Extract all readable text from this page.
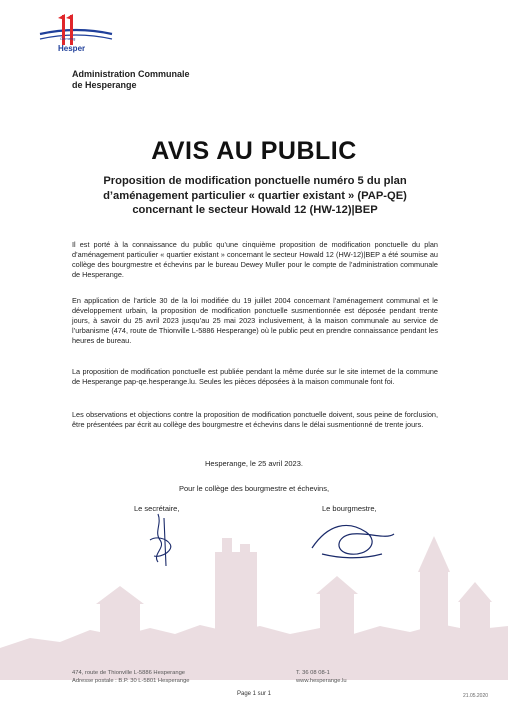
Gemeng
Hesper
Administration Communale
de Hesperange
AVIS AU PUBLIC
Proposition de modification ponctuelle numéro 5 du plan d’aménagement particulier « quartier existant » (PAP-QE) concernant le secteur Howald 12 (HW-12)|BEP

Il est porté à la connaissance du public qu’une cinquième proposition de modification ponctuelle du plan d’aménagement particulier « quartier existant » concernant le secteur Howald 12 (HW-12)|BEP a été soumise au collège des bourgmestre et échevins par le bureau Dewey Muller pour le compte de l’administration communale de Hesperange.

En application de l’article 30 de la loi modifiée du 19 juillet 2004 concernant l’aménagement communal et le développement urbain, la proposition de modification ponctuelle susmentionnée est déposée pendant trente jours, à savoir du 25 avril 2023 jusqu’au 25 mai 2023 inclusivement, à la maison communale au service de l’urbanisme (474, route de Thionville L-5886 Hesperange) où le public peut en prendre connaissance pendant les heures de bureau.

La proposition de modification ponctuelle est publiée pendant la même durée sur le site internet de la commune de Hesperange pap-qe.hesperange.lu. Seules les pièces déposées à la maison communale font foi.

Les observations et objections contre la proposition de modification ponctuelle doivent, sous peine de forclusion, être présentées par écrit au collège des bourgmestre et échevins dans le délai susmentionné de trente jours.

Hesperange, le 25 avril 2023.
Pour le collège des bourgmestre et échevins,
Le secrétaire,	Le bourgmestre,
474, route de Thionville L-5886 Hesperange
Adresse postale : B.P. 30 L-5801 Hesperange
T. 36 08 08-1
www.hesperange.lu
Page 1 sur 1	21.05.2020
